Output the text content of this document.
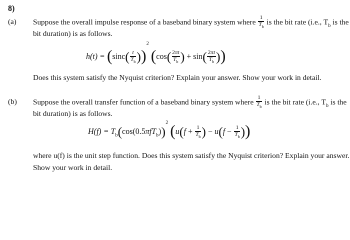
8)
(a) Suppose the overall impulse response of a baseband binary system where $\frac{1}{T_b}$ is the bit rate (i.e., $T_b$ is the
bit duration) is as follows.
$h(t) = (\sin c( \frac{t}{T_b} ))^2$ ($\cos( \frac{2\pi t}{T_b}$ ) + $\sin( \frac{2\pi t}{T_b}$ ))
Does this system satisfy the Nyquist criterion? Explain your answer. Show your work in detail.
(b) Suppose the overall transfer function of a baseband binary system where $\frac{1}{T_b}$ is the bit rate (i.e., $T_b$ is the
bit duration) is as follows.
$H(f) = T_b(\cos(0.5\pi fT_b))^2$ ($u(f + \frac{1}{T_b}$ ) − $u(f - \frac{1}{T_b}$ ))
where u(f) is the unit step function. Does this system satisfy the Nyquist criterion? Explain your answer.
Show your work in detail.
